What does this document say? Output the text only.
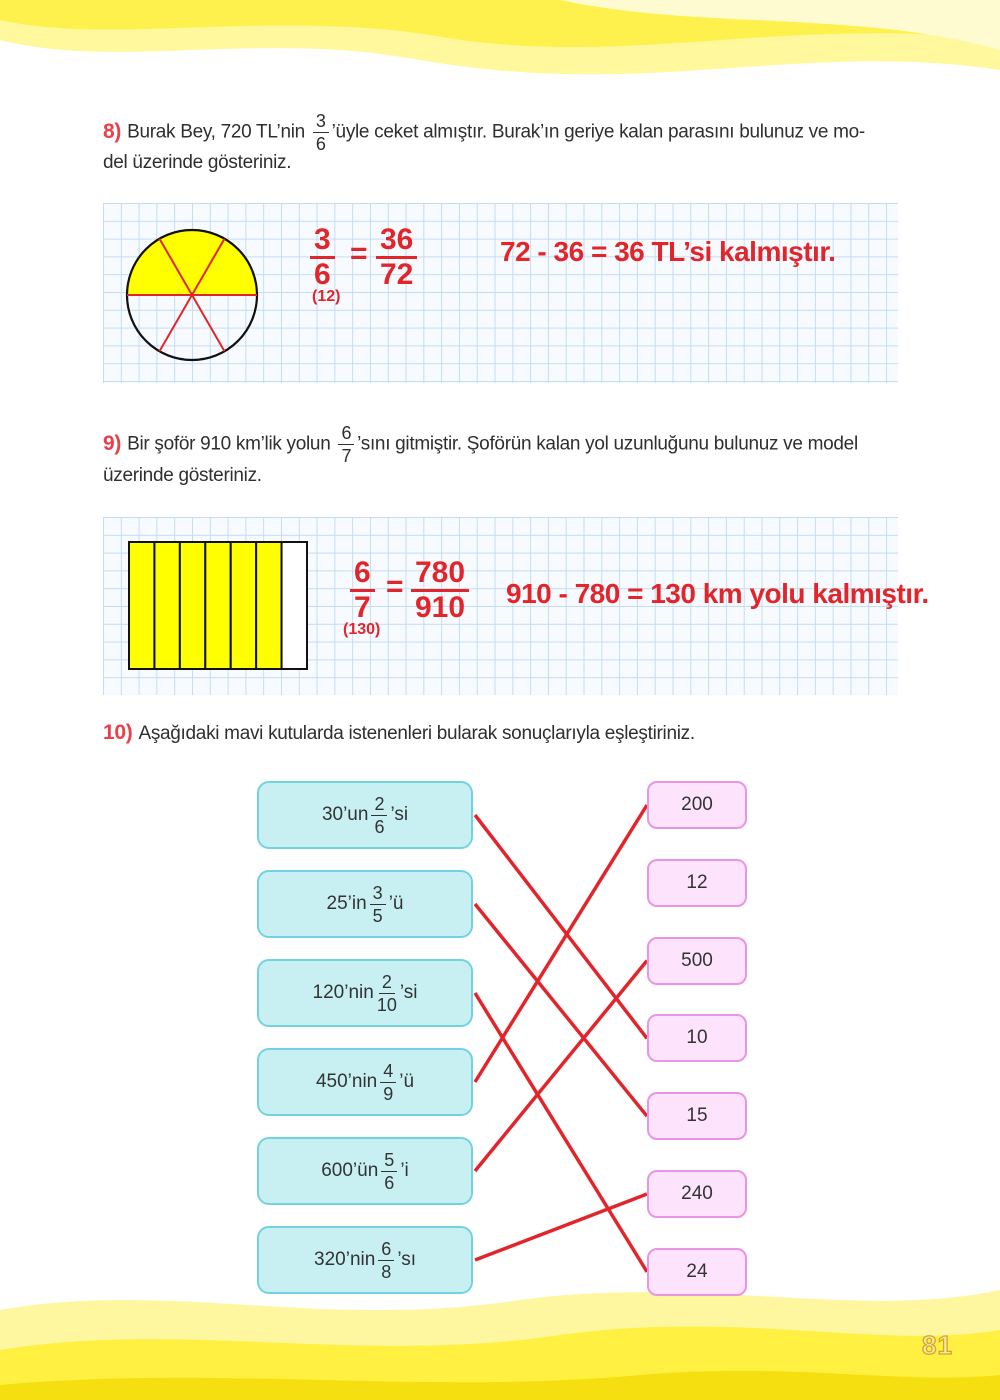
8) Burak Bey, 720 TL’nin $\frac{3}{6}$ ’üyle ceket almıştır. Burak’ın geriye kalan parasını bulunuz ve mo-
del üzerinde gösteriniz.
3
6
= 36
72
(12)
72 - 36 = 36 TL’si kalmıştır.
9) Bir şoför 910 km’lik yolun $\frac{6}{7}$ ’sını gitmiştir. Şoförün kalan yol uzunluğunu bulunuz ve model
üzerinde gösteriniz.
6
7
= 780
910
(130)
910 - 780 = 130 km yolu kalmıştır.
10) Aşağıdaki mavi kutularda istenenleri bularak sonuçlarıyla eşleştiriniz.
30’un $\frac{2}{6}$ ’si
25’in $\frac{3}{5}$ ’ü
120’nin $\frac{2}{10}$ ’si
450’nin $\frac{4}{9}$ ’ü
600’ün $\frac{5}{6}$ ’i
320’nin $\frac{6}{8}$ ’sı
200
12
500
10
15
240
24
81
